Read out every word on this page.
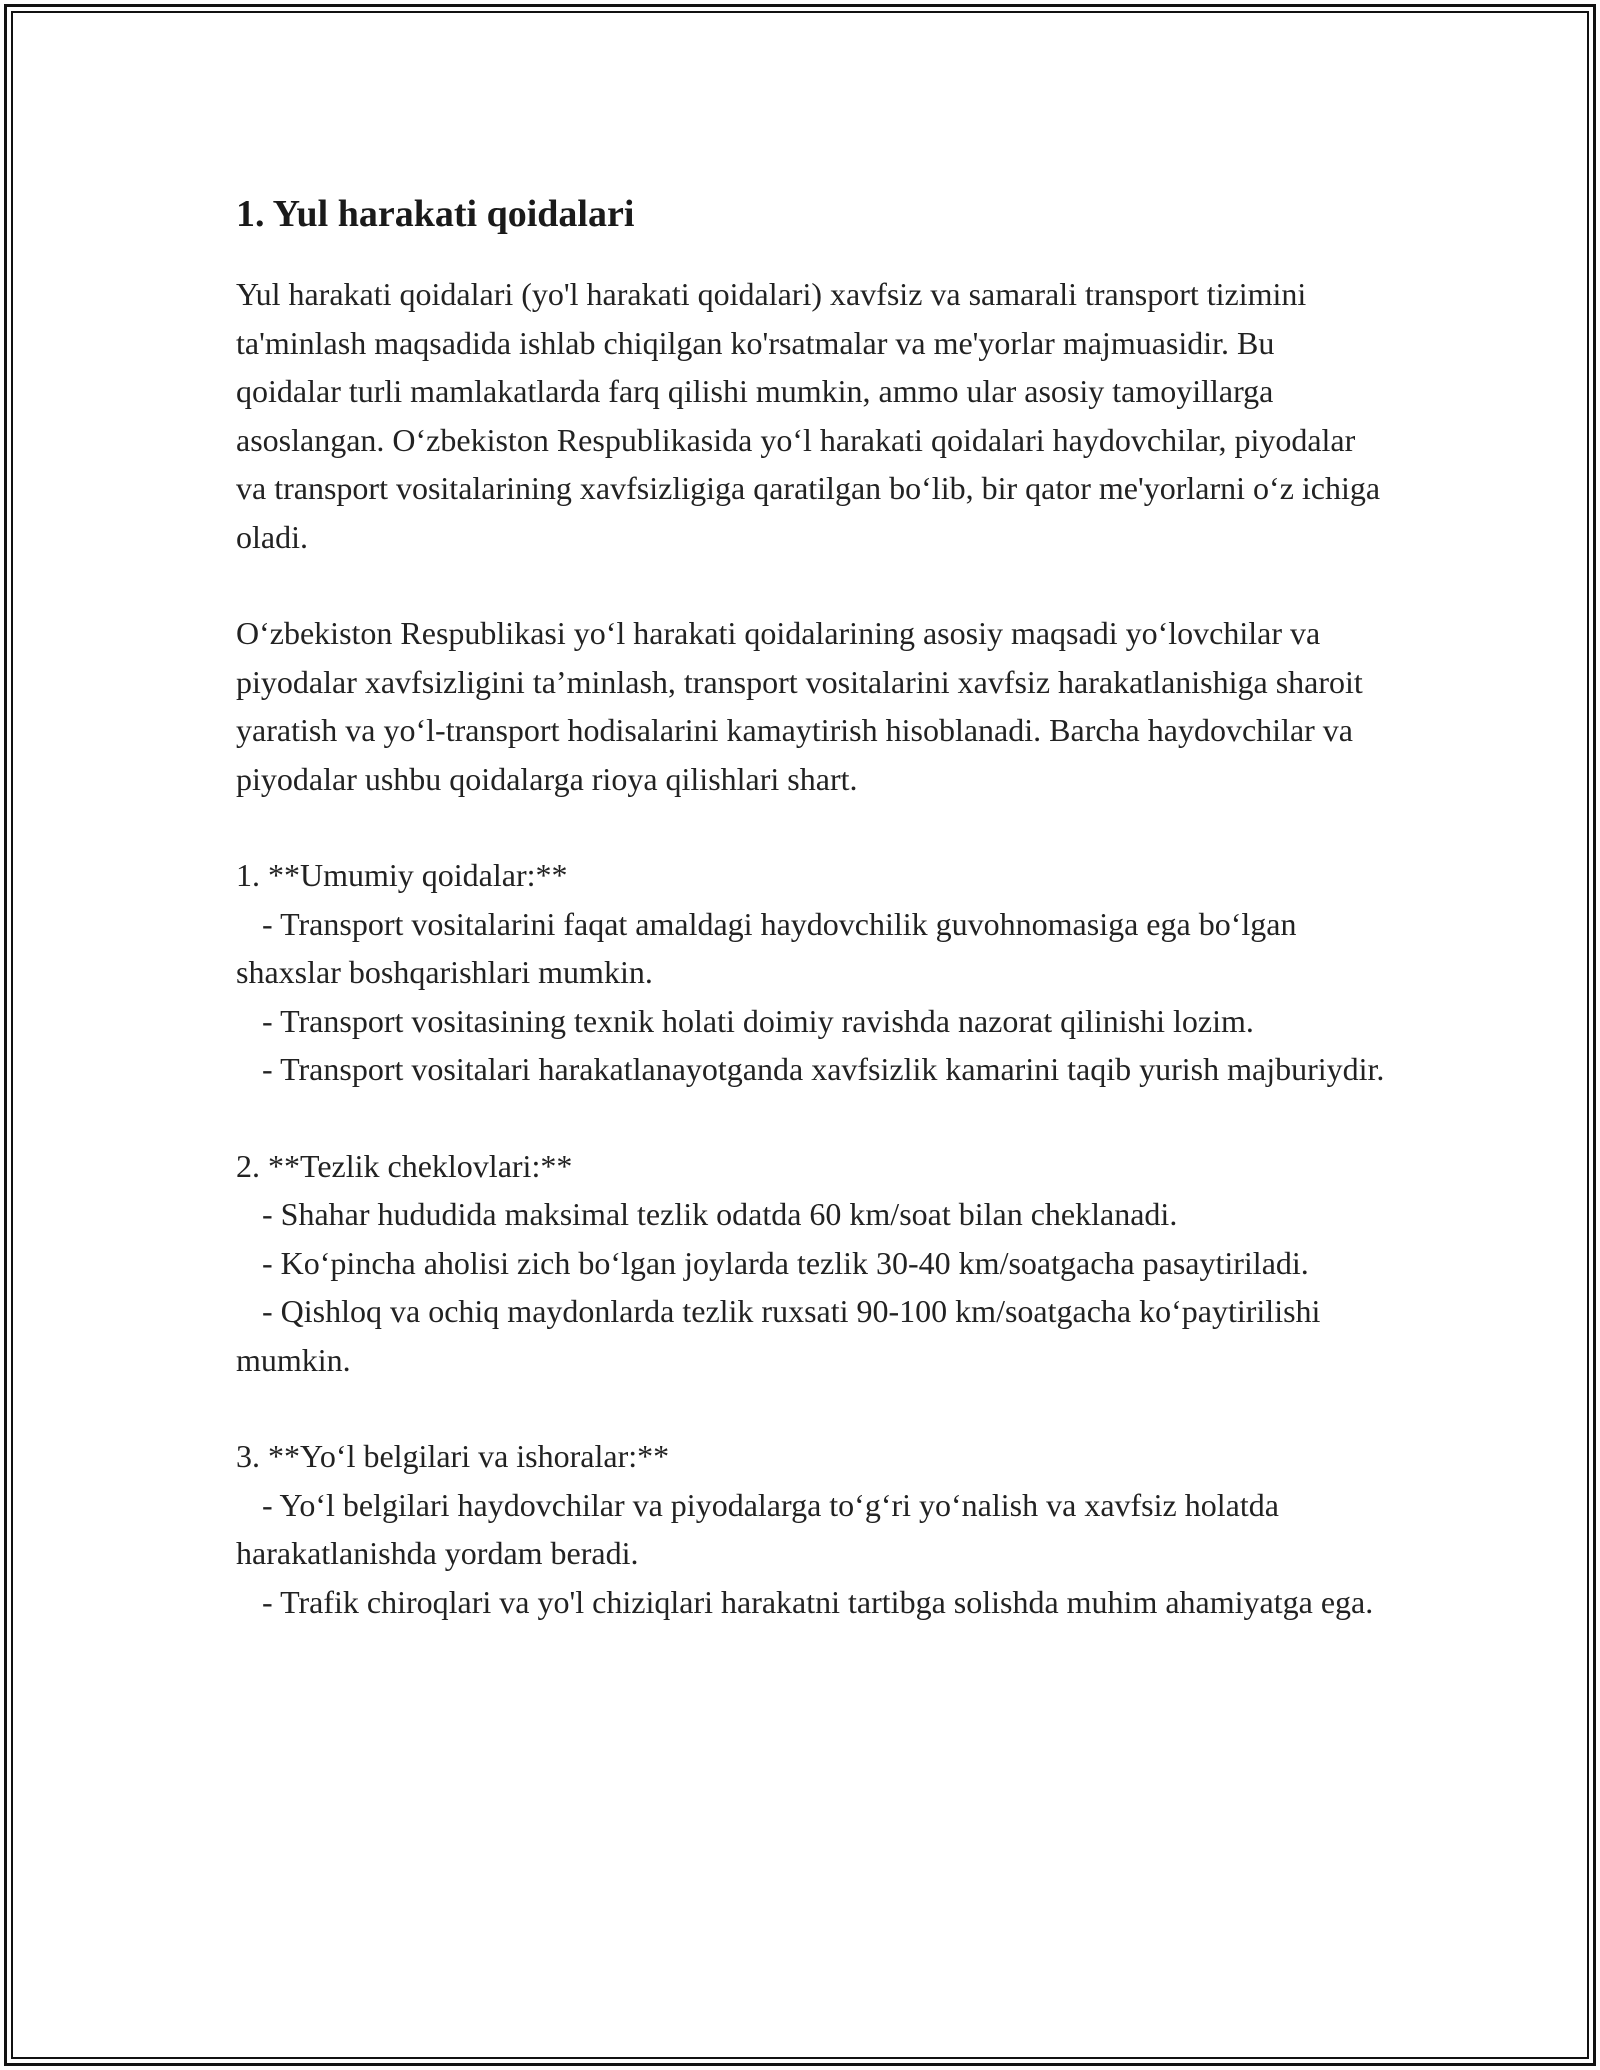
1. Yul harakati qoidalari

Yul harakati qoidalari (yo'l harakati qoidalari) xavfsiz va samarali transport tizimini ta'minlash maqsadida ishlab chiqilgan ko'rsatmalar va me'yorlar majmuasidir. Bu qoidalar turli mamlakatlarda farq qilishi mumkin, ammo ular asosiy tamoyillarga asoslangan. O‘zbekiston Respublikasida yo‘l harakati qoidalari haydovchilar, piyodalar va transport vositalarining xavfsizligiga qaratilgan bo‘lib, bir qator me'yorlarni o‘z ichiga oladi.

O‘zbekiston Respublikasi yo‘l harakati qoidalarining asosiy maqsadi yo‘lovchilar va piyodalar xavfsizligini ta’minlash, transport vositalarini xavfsiz harakatlanishiga sharoit yaratish va yo‘l-transport hodisalarini kamaytirish hisoblanadi. Barcha haydovchilar va piyodalar ushbu qoidalarga rioya qilishlari shart.

1. **Umumiy qoidalar:**

- Transport vositalarini faqat amaldagi haydovchilik guvohnomasiga ega bo‘lgan shaxslar boshqarishlari mumkin.

- Transport vositasining texnik holati doimiy ravishda nazorat qilinishi lozim.

- Transport vositalari harakatlanayotganda xavfsizlik kamarini taqib yurish majburiydir.

2. **Tezlik cheklovlari:**

- Shahar hududida maksimal tezlik odatda 60 km/soat bilan cheklanadi.

- Ko‘pincha aholisi zich bo‘lgan joylarda tezlik 30-40 km/soatgacha pasaytiriladi.

- Qishloq va ochiq maydonlarda tezlik ruxsati 90-100 km/soatgacha ko‘paytirilishi mumkin.

3. **Yo‘l belgilari va ishoralar:**

- Yo‘l belgilari haydovchilar va piyodalarga to‘g‘ri yo‘nalish va xavfsiz holatda harakatlanishda yordam beradi.

- Trafik chiroqlari va yo'l chiziqlari harakatni tartibga solishda muhim ahamiyatga ega.
